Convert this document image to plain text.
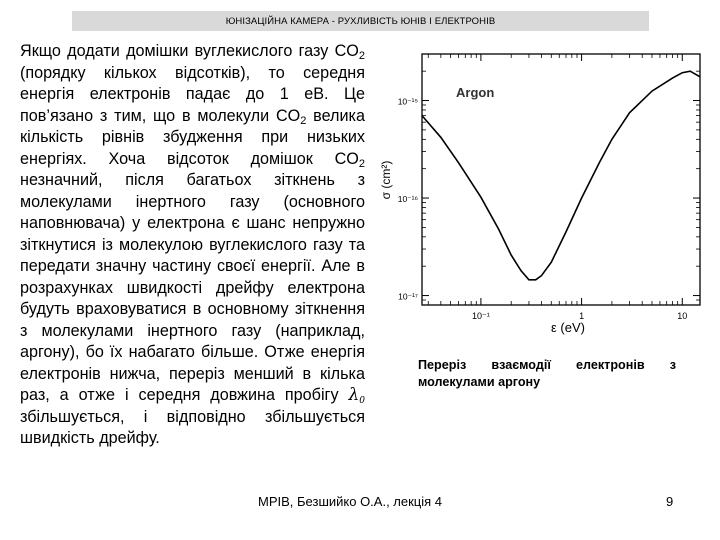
ЮНІЗАЦІЙНА КАМЕРА - РУХЛИВІСТЬ ЮНІВ І ЕЛЕКТРОНІВ
Якщо додати домішки вуглекислого газу $CO_2$ (порядку кількох відсотків), то середня енергія електронів падає до 1 еВ. Це пов’язано з тим, що в молекули $CO_2$ велика кількість рівнів збудження при низьких енергіях. Хоча відсоток домішок $CO_2$ незначний, після багатьох зіткнень з молекулами інертного газу (основного наповнювача) у електрона є шанс непружно зіткнутися із молекулою вуглекислого газу та передати значну частину своєї енергії. Але в розрахунках швидкості дрейфу електрона будуть враховуватися в основному зіткнення з молекулами інертного газу (наприклад, аргону), бо їх набагато більше. Отже енергія електронів нижча, переріз менший в кілька раз, а отже і середня довжина пробігу $\lambda_0$ збільшується, і відповідно збільшується швидкість дрейфу.
10⁻¹⁵
10⁻¹⁶
10⁻¹⁷
10⁻¹	1	10
Argon
σ (cm²)
ε (eV)
Переріз взаємодії електронів з
молекулами аргону
МРІВ, Безшийко О.А., лекція 4	9
